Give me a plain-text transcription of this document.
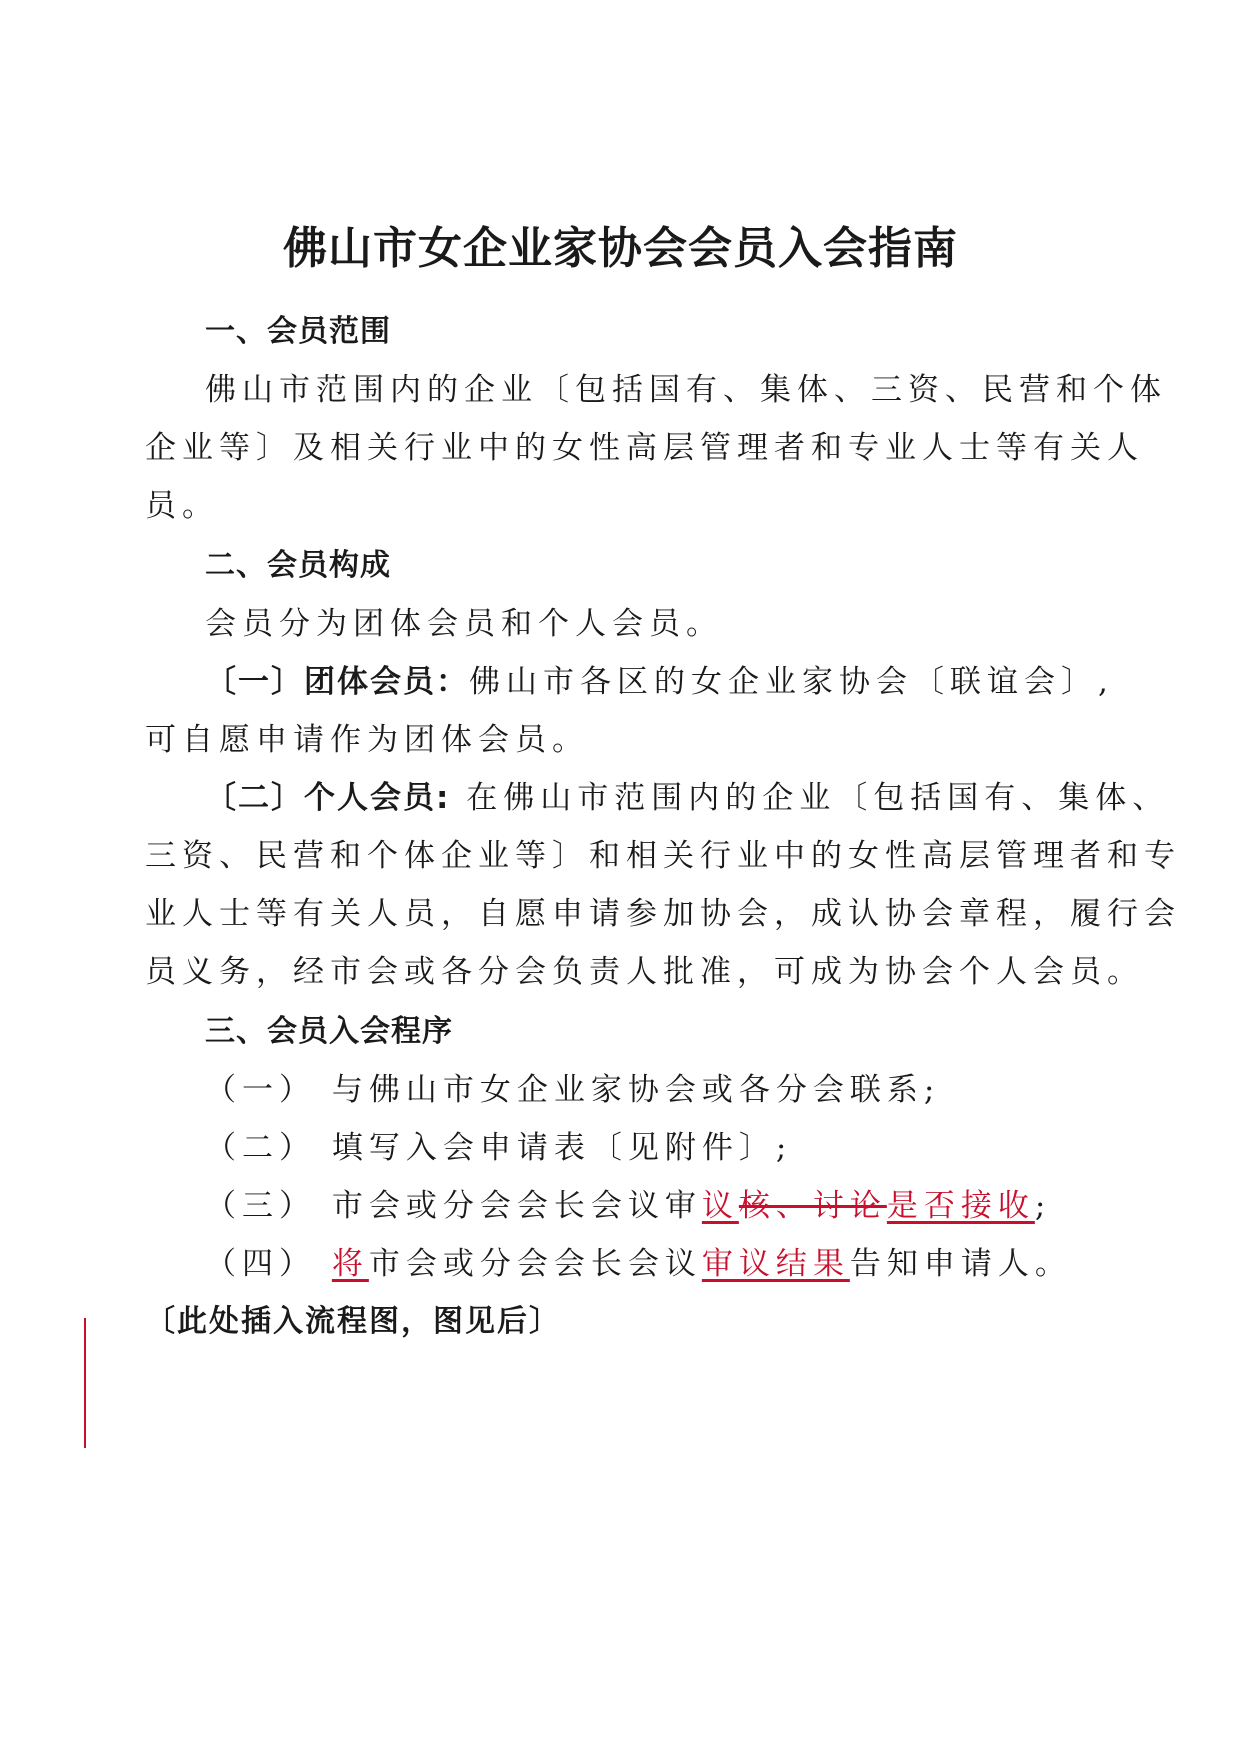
佛山市女企业家协会会员入会指南
一、会员范围
佛山市范围内的企业〔包括国有、集体、三资、民营和个体
企业等〕及相关行业中的女性高层管理者和专业人士等有关人
员。
二、会员构成
会员分为团体会员和个人会员。
〔一〕团体会员：佛山市各区的女企业家协会〔联谊会〕,
可自愿申请作为团体会员。
〔二〕个人会员: 在佛山市范围内的企业〔包括国有、集体、
三资、民营和个体企业等〕和相关行业中的女性高层管理者和专
业人士等有关人员，自愿申请参加协会，成认协会章程，履行会
员义务，经市会或各分会负责人批准，可成为协会个人会员。
三、会员入会程序
（一） 与佛山市女企业家协会或各分会联系;
（二） 填写入会申请表〔见附件〕;
（三） 市会或分会会长会议审议核、讨论是否接收;
（四） 将市会或分会会长会议审议结果告知申请人。
〔此处插入流程图，图见后〕
